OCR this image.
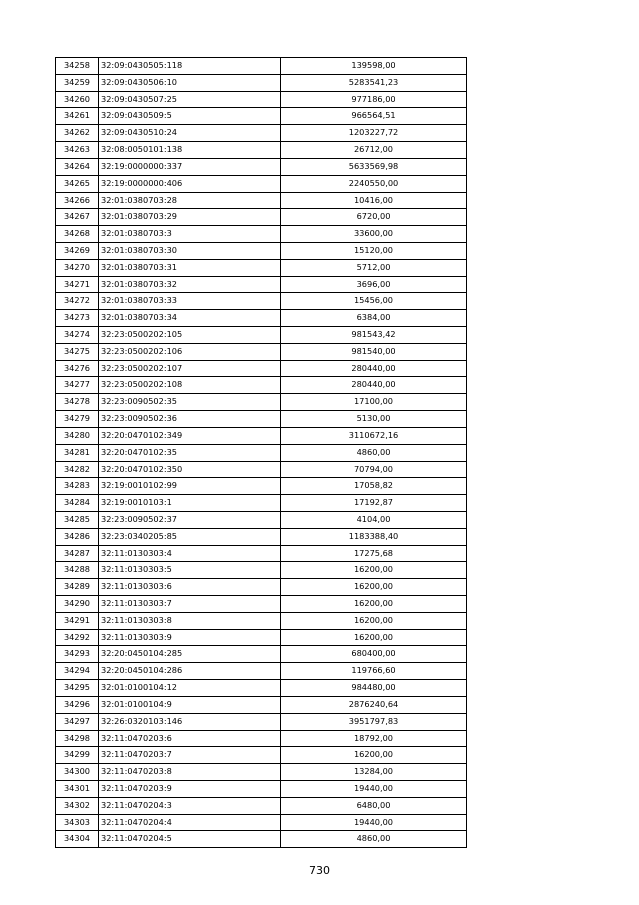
34258	32:09:0430505:118	139598,00
34259	32:09:0430506:10	5283541,23
34260	32:09:0430507:25	977186,00
34261	32:09:0430509:5	966564,51
34262	32:09:0430510:24	1203227,72
34263	32:08:0050101:138	26712,00
34264	32:19:0000000:337	5633569,98
34265	32:19:0000000:406	2240550,00
34266	32:01:0380703:28	10416,00
34267	32:01:0380703:29	6720,00
34268	32:01:0380703:3	33600,00
34269	32:01:0380703:30	15120,00
34270	32:01:0380703:31	5712,00
34271	32:01:0380703:32	3696,00
34272	32:01:0380703:33	15456,00
34273	32:01:0380703:34	6384,00
34274	32:23:0500202:105	981543,42
34275	32:23:0500202:106	981540,00
34276	32:23:0500202:107	280440,00
34277	32:23:0500202:108	280440,00
34278	32:23:0090502:35	17100,00
34279	32:23:0090502:36	5130,00
34280	32:20:0470102:349	3110672,16
34281	32:20:0470102:35	4860,00
34282	32:20:0470102:350	70794,00
34283	32:19:0010102:99	17058,82
34284	32:19:0010103:1	17192,87
34285	32:23:0090502:37	4104,00
34286	32:23:0340205:85	1183388,40
34287	32:11:0130303:4	17275,68
34288	32:11:0130303:5	16200,00
34289	32:11:0130303:6	16200,00
34290	32:11:0130303:7	16200,00
34291	32:11:0130303:8	16200,00
34292	32:11:0130303:9	16200,00
34293	32:20:0450104:285	680400,00
34294	32:20:0450104:286	119766,60
34295	32:01:0100104:12	984480,00
34296	32:01:0100104:9	2876240,64
34297	32:26:0320103:146	3951797,83
34298	32:11:0470203:6	18792,00
34299	32:11:0470203:7	16200,00
34300	32:11:0470203:8	13284,00
34301	32:11:0470203:9	19440,00
34302	32:11:0470204:3	6480,00
34303	32:11:0470204:4	19440,00
34304	32:11:0470204:5	4860,00
730
